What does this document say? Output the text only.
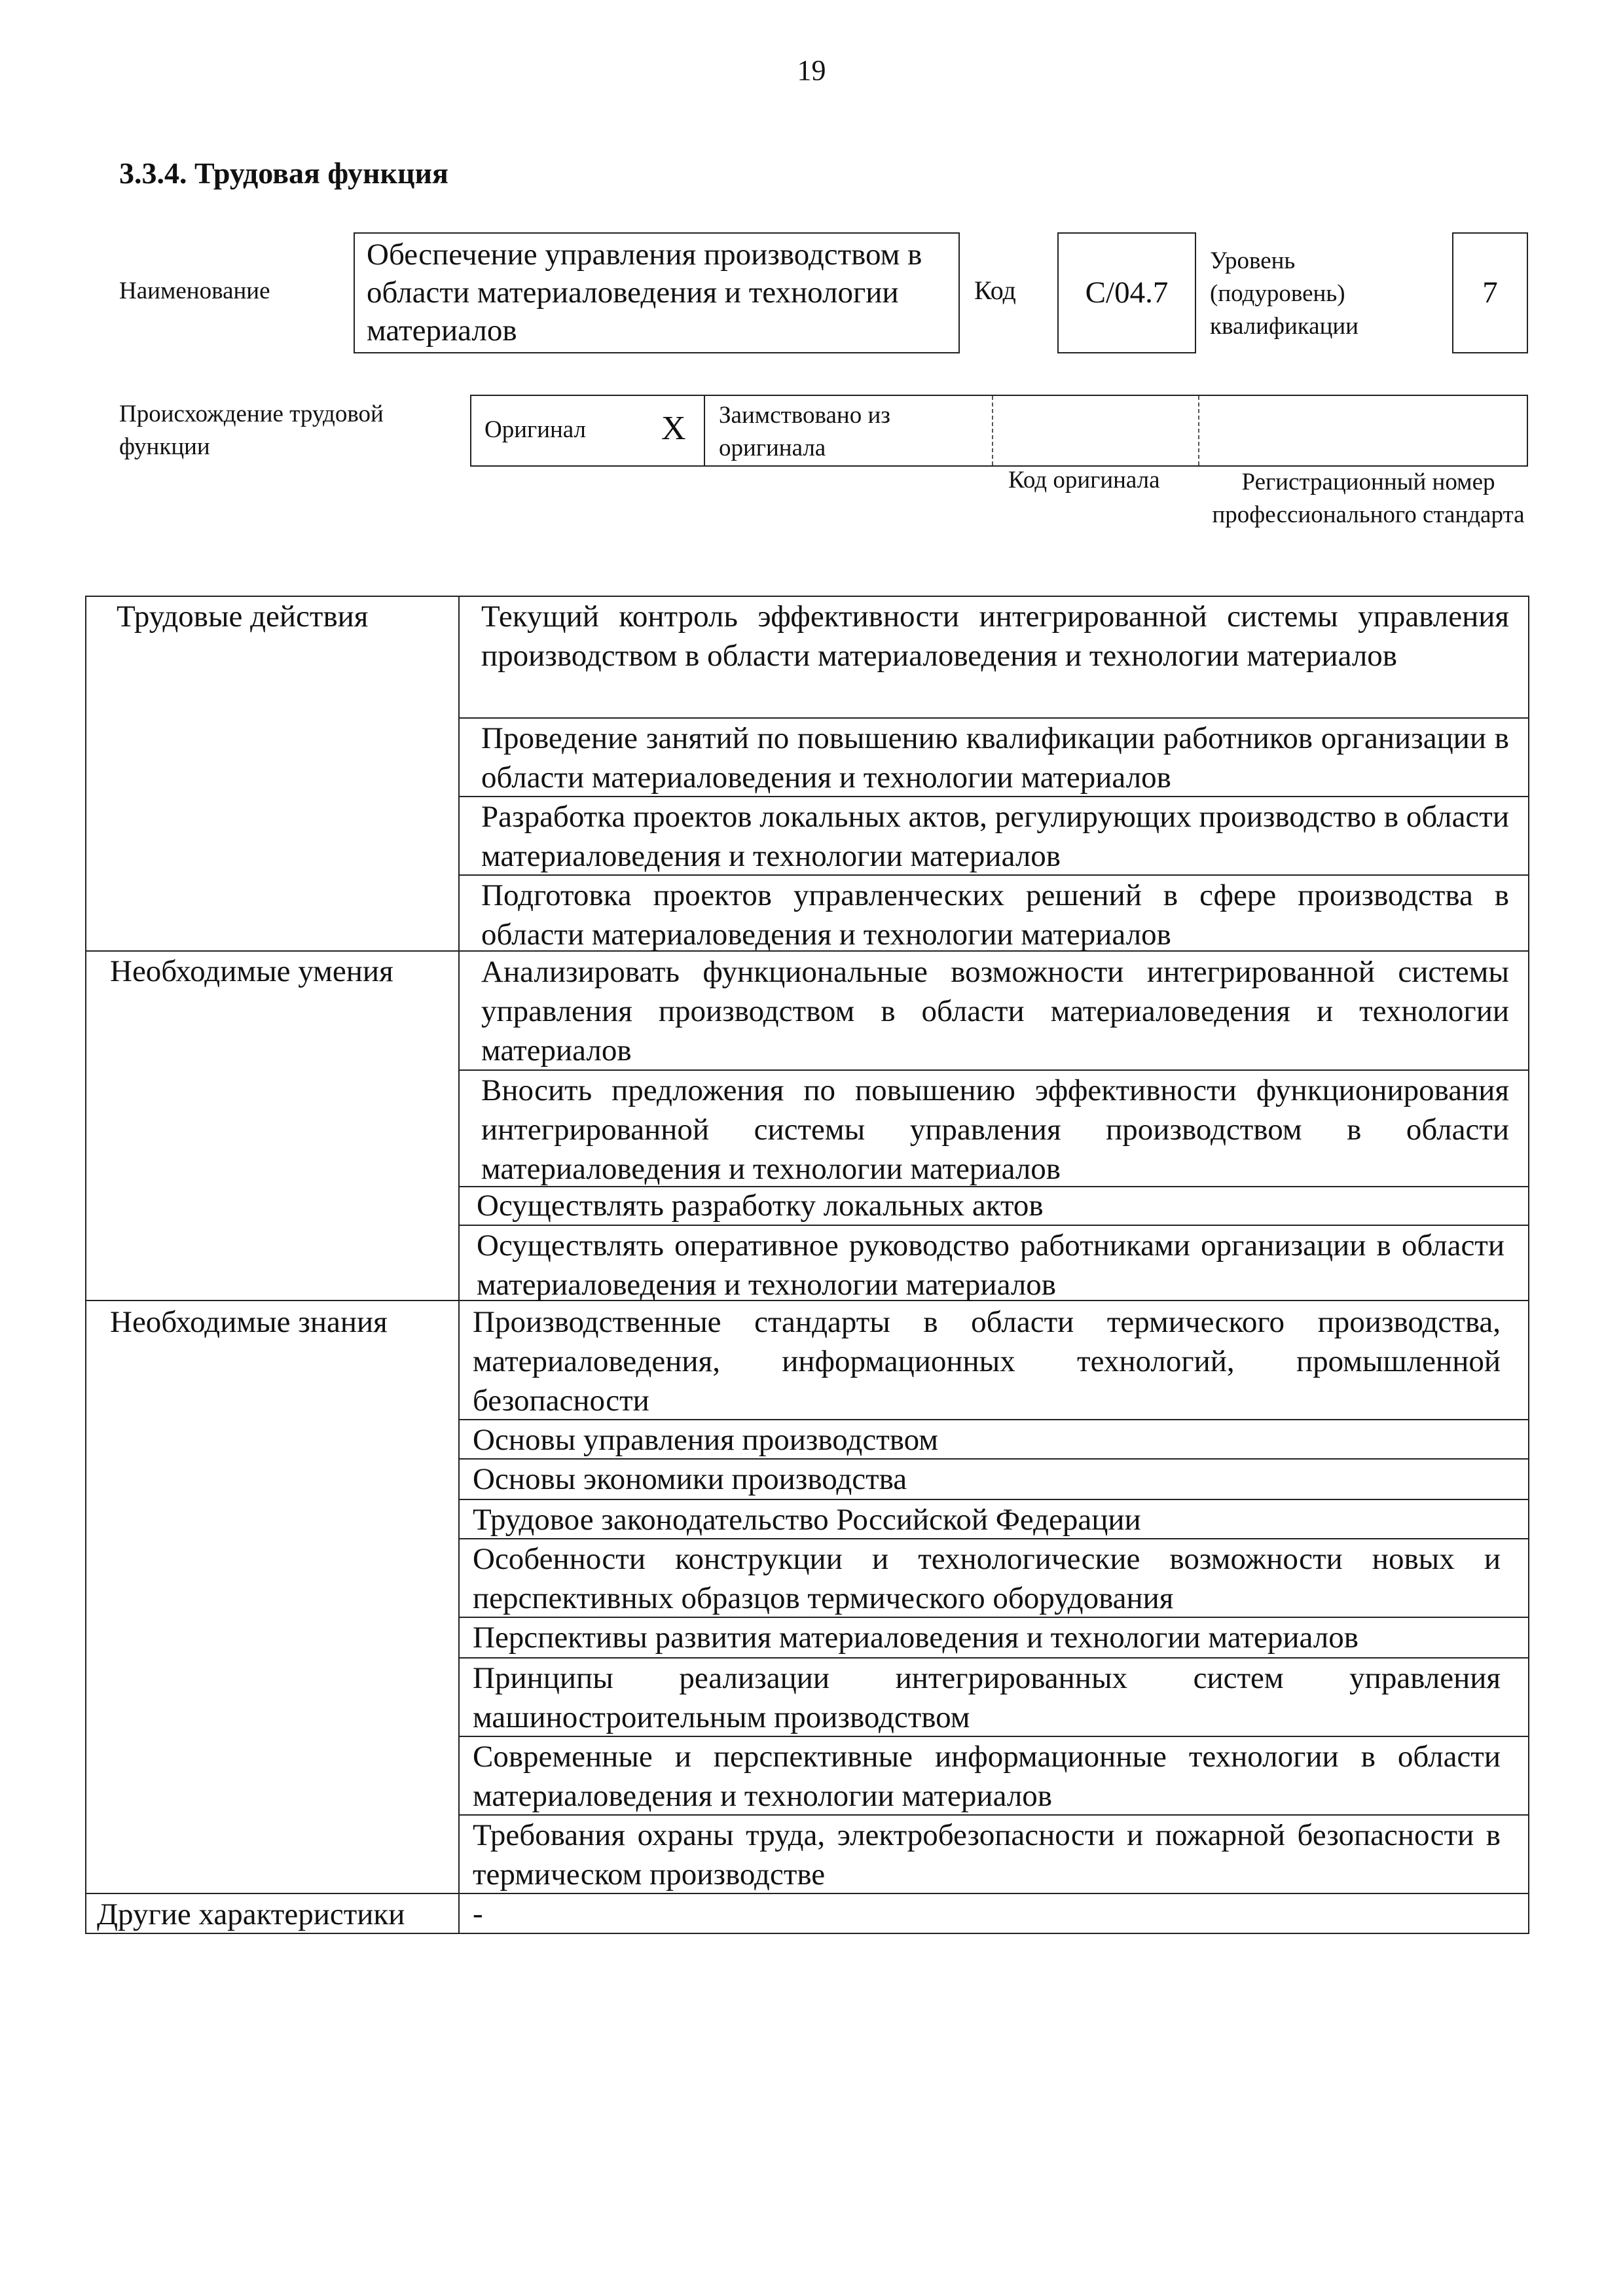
19
3.3.4. Трудовая функция
Наименование
Обеспечение управления производством в области материаловедения и технологии материалов
Код	C/04.7
Уровень
(подуровень)
квалификации
7
Происхождение трудовой функции
Оригинал X Заимствовано из оригинала
Код оригинала	Регистрационный номер профессионального стандарта
Трудовые действия
Необходимые умения
Необходимые знания
Другие характеристики
Текущий контроль эффективности интегрированной системы управления производством в области материаловедения и технологии материалов
Проведение занятий по повышению квалификации работников организации в области материаловедения и технологии материалов
Разработка проектов локальных актов, регулирующих производство в области материаловедения и технологии материалов
Подготовка проектов управленческих решений в сфере производства в области материаловедения и технологии материалов
Анализировать функциональные возможности интегрированной системы управления производством в области материаловедения и технологии материалов
Вносить предложения по повышению эффективности функционирования интегрированной системы управления производством в области материаловедения и технологии материалов
Осуществлять разработку локальных актов
Осуществлять оперативное руководство работниками организации в области материаловедения и технологии материалов
Производственные стандарты в области термического производства, материаловедения, информационных технологий, промышленной безопасности
Основы управления производством
Основы экономики производства
Трудовое законодательство Российской Федерации
Особенности конструкции и технологические возможности новых и перспективных образцов термического оборудования
Перспективы развития материаловедения и технологии материалов
Принципы реализации интегрированных систем управления машиностроительным производством
Современные и перспективные информационные технологии в области материаловедения и технологии материалов
Требования охраны труда, электробезопасности и пожарной безопасности в термическом производстве
-
